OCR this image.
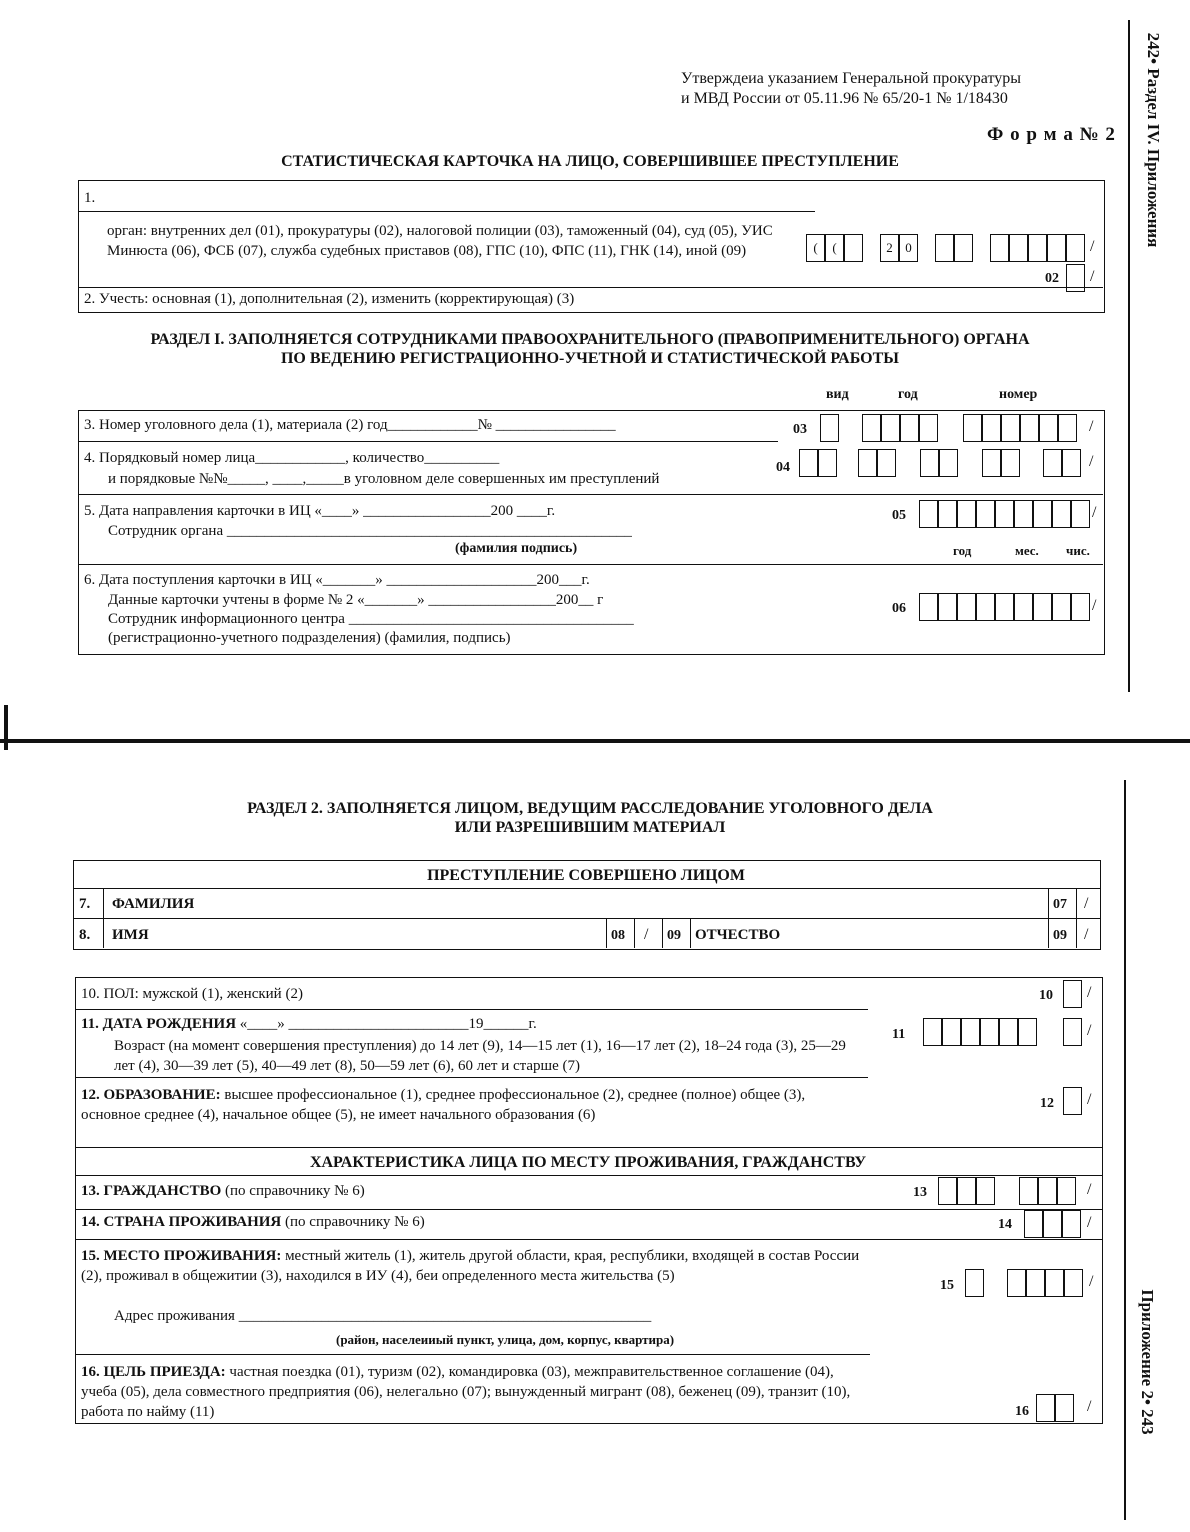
242• Раздел IV. Приложения
Приложение 2• 243
Утверждеиа указанием Генеральной прокуратуры
и МВД России от 05.11.96 № 65/20-1 № 1/18430
Ф о р м а № 2
СТАТИСТИЧЕСКАЯ КАРТОЧКА НА ЛИЦО, СОВЕРШИВШЕЕ ПРЕСТУПЛЕНИЕ
1.
орган: внутренних дел (01), прокуратуры (02), налоговой полиции (03), таможенный (04), суд (05), УИС Минюста (06), ФСБ (07), служба судебных приставов (08), ГПС (10), ФПС (11), ГНК (14), иной (09)	(	(	2 0	/
02 /
2. Учесть: основная (1), дополнительная (2), изменить (корректирующая) (3)
РАЗДЕЛ I. ЗАПОЛНЯЕТСЯ СОТРУДНИКАМИ ПРАВООХРАНИТЕЛЬНОГО (ПРАВОПРИМЕНИТЕЛЬНОГО) ОРГАНА
ПО ВЕДЕНИЮ РЕГИСТРАЦИОННО-УЧЕТНОЙ И СТАТИСТИЧЕСКОЙ РАБОТЫ
вид	год	номер
3. Номер уголовного дела (1), материала (2) год____________№ ________________	03	/
4. Порядковый номер лица____________, количество__________
и порядковые №№_____, ____,_____в уголовном деле совершенных им преступлений
04	/
5. Дата направления карточки в ИЦ «____» _________________200 ____г.
Сотрудник органа ______________________________________________________
(фамилия подпись)
05	/
год	мес. чис.
6. Дата поступления карточки в ИЦ «_______» ____________________200___г.
Данные карточки учтены в форме № 2 «_______» _________________200__ г
Сотрудник информационного центра ______________________________________
(регистрационно-учетного подразделения) (фамилия, подпись)
06	/
РАЗДЕЛ 2. ЗАПОЛНЯЕТСЯ ЛИЦОМ, ВЕДУЩИМ РАССЛЕДОВАНИЕ УГОЛОВНОГО ДЕЛА
ИЛИ РАЗРЕШИВШИМ МАТЕРИАЛ
ПРЕСТУПЛЕНИЕ СОВЕРШЕНО ЛИЦОМ
7. ФАМИЛИЯ	07 /
8. ИМЯ	08 / 09 ОТЧЕСТВО	09 /
10. ПОЛ: мужской (1), женский (2)	10 /
11. ДАТА РОЖДЕНИЯ «____» ________________________19______г.
Возраст (на момент совершения преступления) до 14 лет (9), 14—15 лет (1), 16—17 лет (2), 18–24 года (3), 25—29 лет (4), 30—39 лет (5), 40—49 лет (8), 50—59 лет (6), 60 лет и старше (7)
11	/
12. ОБРАЗОВАНИЕ: высшее профессиональное (1), среднее профессиональное (2), среднее (полное) общее (3), основное среднее (4), начальное общее (5), не имеет начального образования (6)
12 /
ХАРАКТЕРИСТИКА ЛИЦА ПО МЕСТУ ПРОЖИВАНИЯ, ГРАЖДАНСТВУ
13. ГРАЖДАНСТВО (по справочнику № 6)	13	/
14. СТРАНА ПРОЖИВАНИЯ (по справочнику № 6)	14	/
15. МЕСТО ПРОЖИВАНИЯ: местный житель (1), житель другой области, края, республики, входящей в состав России (2), проживал в общежитии (3), находился в ИУ (4), беи определенного места жительства (5)
Адрес проживания _______________________________________________________
(район, населеииый пункт, улица, дом, корпус, квартира)
15	/
16. ЦЕЛЬ ПРИЕЗДА: частная поездка (01), туризм (02), командировка (03), межправительственное соглашение (04), учеба (05), дела совместного предприятия (06), нелегально (07); вынужденный мигрант (08), беженец (09), транзит (10), работа по найму (11)	16	/
